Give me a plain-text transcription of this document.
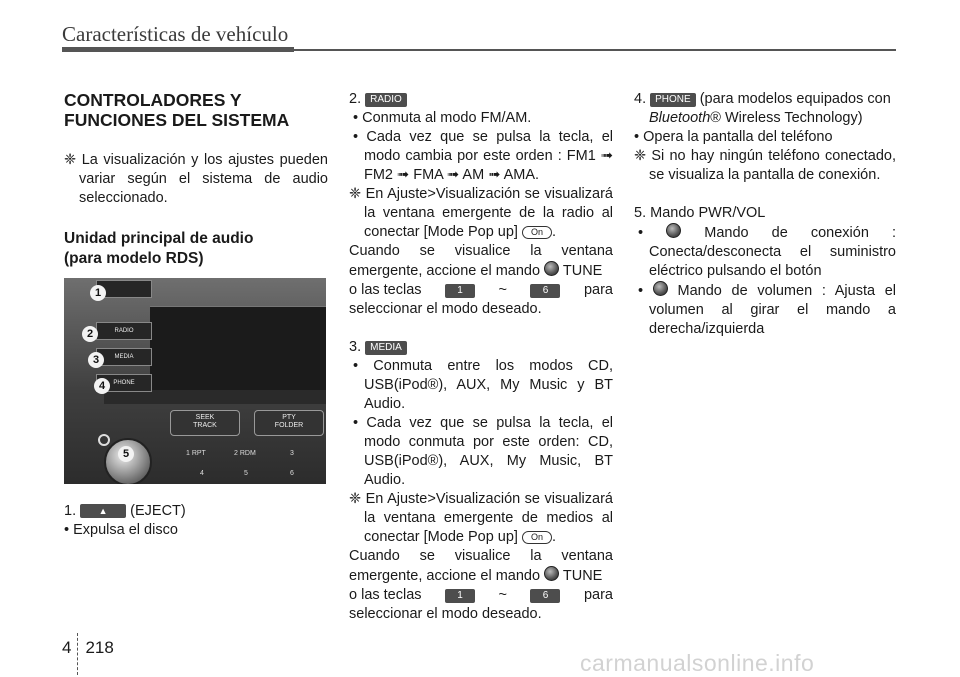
Características de vehículo

CONTROLADORES Y
FUNCIONES DEL SISTEMA

❈ La visualización y los ajustes pueden variar según el sistema de audio seleccionado.

Unidad principal de audio
(para modelo RDS)

RADIO
MEDIA
PHONE
SEEK
TRACK
PTY
FOLDER
1 RPT	2 RDM	3
4	5	6
1
2
3
4
5

1.	▲ (EJECT)

• Expulsa el disco

2. RADIO

• Conmuta al modo FM/AM.

• Cada vez que se pulsa la tecla, el modo cambia por este orden : FM1 ➟ FM2 ➟ FMA ➟ AM ➟ AMA.

❈ En Ajuste>Visualización se visualizará la ventana emergente de la radio al conectar [Mode Pop up] On .

Cuando se visualice la ventana emergente, accione el mando TUNE

o las teclas	1	~	6	para

seleccionar el modo deseado.

3. MEDIA

• Conmuta entre los modos CD, USB(iPod®), AUX, My Music y BT Audio.

• Cada vez que se pulsa la tecla, el modo conmuta por este orden: CD, USB(iPod®), AUX, My Music, BT Audio.

❈ En Ajuste>Visualización se visualizará la ventana emergente de medios al conectar [Mode Pop up] On .

Cuando se visualice la ventana emergente, accione el mando TUNE

o las teclas	1	~	6	para

seleccionar el modo deseado.

4. PHONE (para modelos equipados con

Bluetooth® Wireless Technology)

• Opera la pantalla del teléfono

❈ Si no hay ningún teléfono conectado, se visualiza la pantalla de conexión.

5. Mando PWR/VOL

•	Mando de conexión : Conecta/desconecta el suministro eléctrico pulsando el botón

•  Mando de volumen : Ajusta el volumen al girar el mando a derecha/izquierda

4 218
carmanualsonline.info
